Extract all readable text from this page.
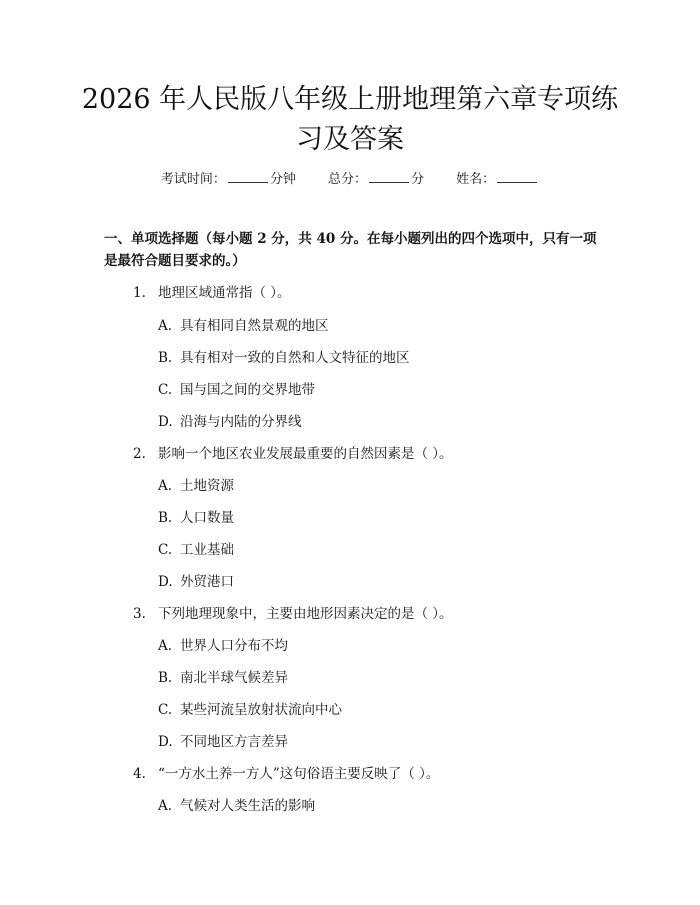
2026 年人民版八年级上册地理第六章专项练习及答案
考试时间：	分钟 总分：	分 姓名：

一、单项选择题（每小题 2 分，共 40 分。在每小题列出的四个选项中，只有一项是最符合题目要求的。）

1. 地理区域通常指（ ）。
A. 具有相同自然景观的地区
B. 具有相对一致的自然和人文特征的地区
C. 国与国之间的交界地带
D. 沿海与内陆的分界线
2. 影响一个地区农业发展最重要的自然因素是（ ）。
A. 土地资源
B. 人口数量
C. 工业基础
D. 外贸港口
3. 下列地理现象中，主要由地形因素决定的是（ ）。
A. 世界人口分布不均
B. 南北半球气候差异
C. 某些河流呈放射状流向中心
D. 不同地区方言差异
4. “一方水土养一方人”这句俗语主要反映了（ ）。
A. 气候对人类生活的影响
